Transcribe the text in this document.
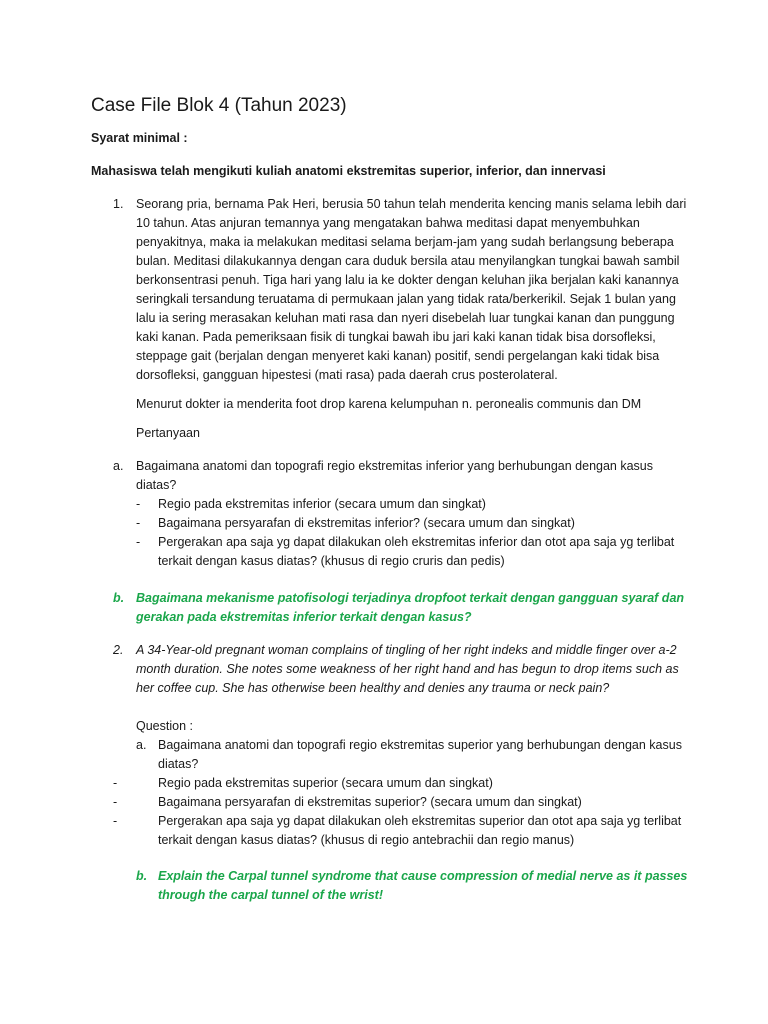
Case File Blok 4 (Tahun 2023)

Syarat minimal :

Mahasiswa telah mengikuti kuliah anatomi ekstremitas superior, inferior, dan innervasi

1. Seorang pria, bernama Pak Heri, berusia 50 tahun telah menderita kencing manis selama lebih dari 10 tahun. Atas anjuran temannya yang mengatakan bahwa meditasi dapat menyembuhkan penyakitnya, maka ia melakukan meditasi selama berjam-jam yang sudah berlangsung beberapa bulan. Meditasi dilakukannya dengan cara duduk bersila atau menyilangkan tungkai bawah sambil berkonsentrasi penuh. Tiga hari yang lalu ia ke dokter dengan keluhan jika berjalan kaki kanannya seringkali tersandung teruatama di permukaan jalan yang tidak rata/berkerikil. Sejak 1 bulan yang lalu ia sering merasakan keluhan mati rasa dan nyeri disebelah luar tungkai kanan dan punggung kaki kanan. Pada pemeriksaan fisik di tungkai bawah ibu jari kaki kanan tidak bisa dorsofleksi, steppage gait (berjalan dengan menyeret kaki kanan) positif, sendi pergelangan kaki tidak bisa dorsofleksi, gangguan hipestesi (mati rasa) pada daerah crus posterolateral.

Menurut dokter ia menderita foot drop karena kelumpuhan n. peronealis communis dan DM

Pertanyaan

a. Bagaimana anatomi dan topografi regio ekstremitas inferior yang berhubungan dengan kasus diatas?

- Regio pada ekstremitas inferior (secara umum dan singkat)

- Bagaimana persyarafan di ekstremitas inferior? (secara umum dan singkat)

- Pergerakan apa saja yg dapat dilakukan oleh ekstremitas inferior dan otot apa saja yg terlibat terkait dengan kasus diatas? (khusus di regio cruris dan pedis)

b. Bagaimana mekanisme patofisologi terjadinya dropfoot terkait dengan gangguan syaraf dan gerakan pada ekstremitas inferior terkait dengan kasus?

2. A 34-Year-old pregnant woman complains of tingling of her right indeks and middle finger over a-2 month duration. She notes some weakness of her right hand and has begun to drop items such as her coffee cup. She has otherwise been healthy and denies any trauma or neck pain?

Question :

a. Bagaimana anatomi dan topografi regio ekstremitas superior yang berhubungan dengan kasus diatas?

-	Regio pada ekstremitas superior (secara umum dan singkat)

-	Bagaimana persyarafan di ekstremitas superior? (secara umum dan singkat)

-	Pergerakan apa saja yg dapat dilakukan oleh ekstremitas superior dan otot apa saja yg terlibat terkait dengan kasus diatas? (khusus di regio antebrachii dan regio manus)

b. Explain the Carpal tunnel syndrome that cause compression of medial nerve as it passes through the carpal tunnel of the wrist!
